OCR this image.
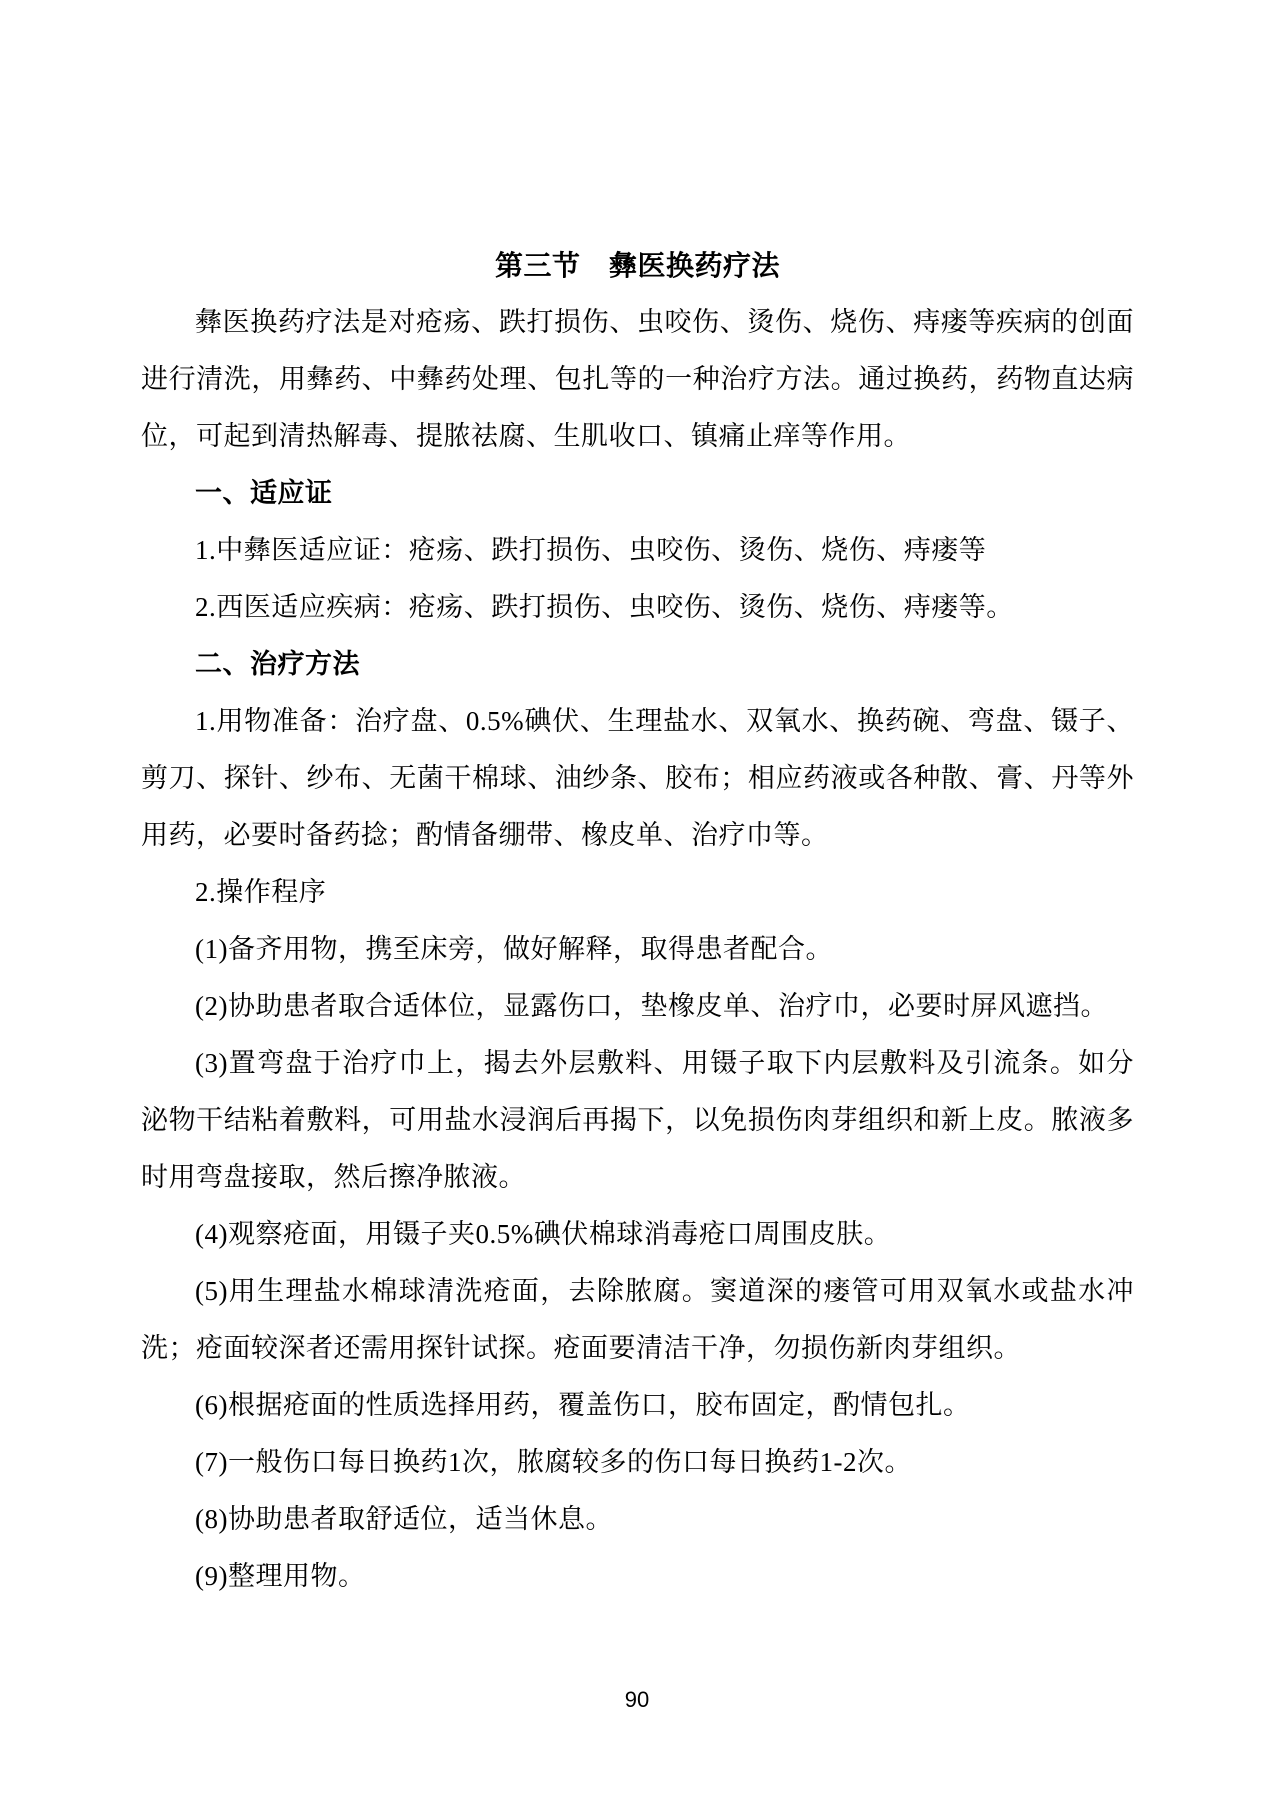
第三节　彝医换药疗法

彝医换药疗法是对疮疡、跌打损伤、虫咬伤、烫伤、烧伤、痔瘘等疾病的创面进行清洗，用彝药、中彝药处理、包扎等的一种治疗方法。通过换药，药物直达病位，可起到清热解毒、提脓祛腐、生肌收口、镇痛止痒等作用。

一、适应证

1.中彝医适应证：疮疡、跌打损伤、虫咬伤、烫伤、烧伤、痔瘘等

2.西医适应疾病：疮疡、跌打损伤、虫咬伤、烫伤、烧伤、痔瘘等。

二、治疗方法

1.用物准备：治疗盘、0.5%碘伏、生理盐水、双氧水、换药碗、弯盘、镊子、剪刀、探针、纱布、无菌干棉球、油纱条、胶布；相应药液或各种散、膏、丹等外用药，必要时备药捻；酌情备绷带、橡皮单、治疗巾等。

2.操作程序

(1)备齐用物，携至床旁，做好解释，取得患者配合。

(2)协助患者取合适体位，显露伤口，垫橡皮单、治疗巾，必要时屏风遮挡。

(3)置弯盘于治疗巾上，揭去外层敷料、用镊子取下内层敷料及引流条。如分泌物干结粘着敷料，可用盐水浸润后再揭下，以免损伤肉芽组织和新上皮。脓液多时用弯盘接取，然后擦净脓液。

(4)观察疮面，用镊子夹0.5%碘伏棉球消毒疮口周围皮肤。

(5)用生理盐水棉球清洗疮面，去除脓腐。窦道深的瘘管可用双氧水或盐水冲洗；疮面较深者还需用探针试探。疮面要清洁干净，勿损伤新肉芽组织。

(6)根据疮面的性质选择用药，覆盖伤口，胶布固定，酌情包扎。

(7)一般伤口每日换药1次，脓腐较多的伤口每日换药1-2次。

(8)协助患者取舒适位，适当休息。

(9)整理用物。

90
